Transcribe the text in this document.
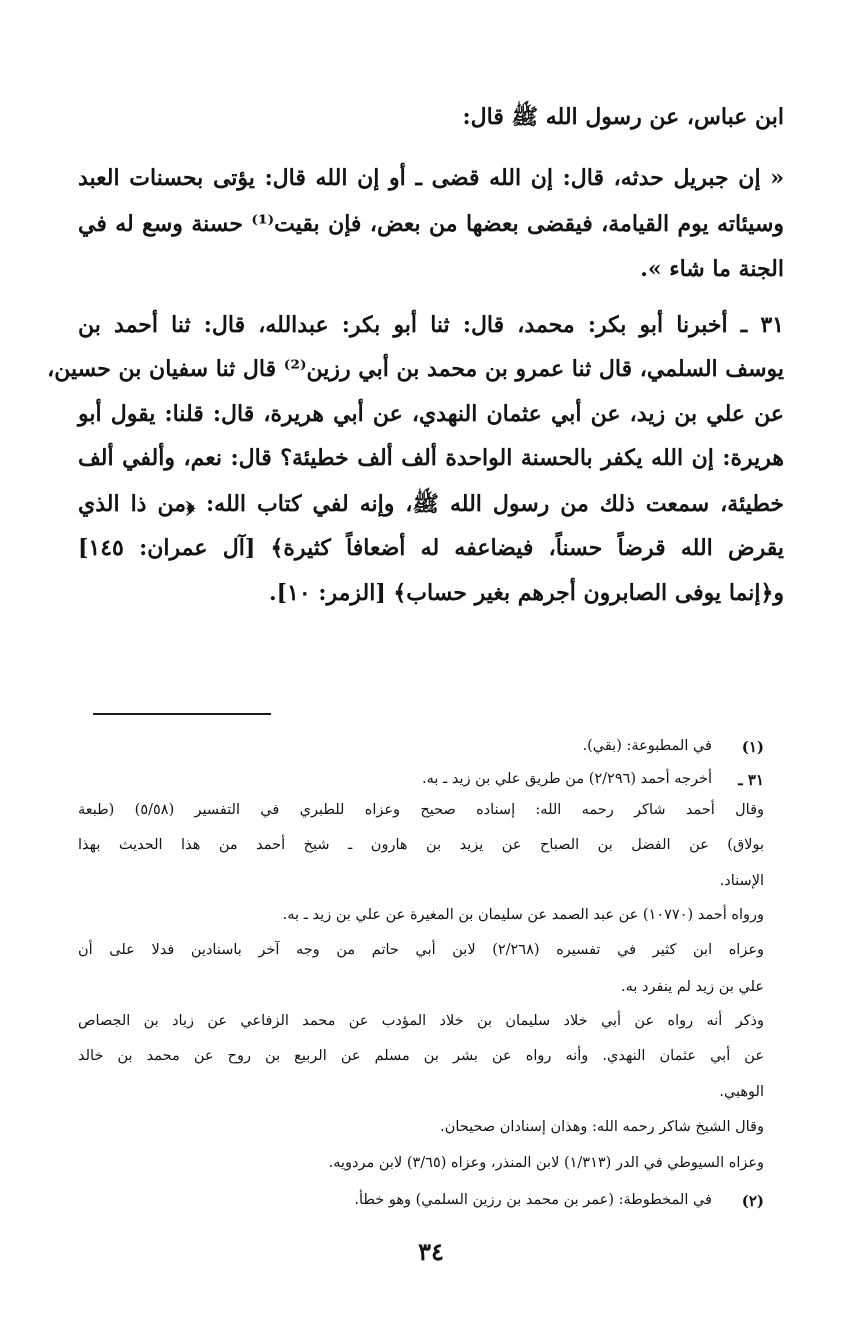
ابن عباس، عن رسول الله ﷺ قال:
« إن جبريل حدثه، قال: إن الله قضى ـ أو إن الله قال: يؤتى بحسنات العبد
وسيئاته يوم القيامة، فيقضى بعضها من بعض، فإن بقيت⁽¹⁾ حسنة وسع له في
الجنة ما شاء ».
٣١ ـ أخبرنا أبو بكر: محمد، قال: ثنا أبو بكر: عبدالله، قال: ثنا أحمد بن
يوسف السلمي، قال ثنا عمرو بن محمد بن أبي رزين⁽²⁾ قال ثنا سفيان بن حسين،
عن علي بن زيد، عن أبي عثمان النهدي، عن أبي هريرة، قال: قلنا: يقول أبو
هريرة: إن الله يكفر بالحسنة الواحدة ألف ألف خطيئة؟ قال: نعم، وألفي ألف
خطيئة، سمعت ذلك من رسول الله ﷺ، وإنه لفي كتاب الله: ﴿من ذا الذي
يقرض الله قرضاً حسناً، فيضاعفه له أضعافاً كثيرة﴾ [آل عمران: ١٤٥]
و﴿إنما يوفى الصابرون أجرهم بغير حساب﴾ [الزمر: ١٠].
(١)
في المطبوعة: (بقي).
٣١ ـ
أخرجه أحمد (٢/٢٩٦) من طريق علي بن زيد ـ به.
وقال أحمد شاكر رحمه الله: إسناده صحيح وعزاه للطبري في التفسير (٥/٥٨) (طبعة
بولاق) عن الفضل بن الصباح عن يزيد بن هارون ـ شيخ أحمد من هذا الحديث بهذا
الإسناد.
ورواه أحمد (١٠٧٧٠) عن عبد الصمد عن سليمان بن المغيرة عن علي بن زيد ـ به.
وعزاه ابن كثير في تفسيره (٢/٢٦٨) لابن أبي حاتم من وجه آخر باسنادين فدلا على أن
علي بن زيد لم ينفرد به.
وذكر أنه رواه عن أبي خلاد سليمان بن خلاد المؤدب عن محمد الزفاعي عن زياد بن الجصاص
عن أبي عثمان النهدي. وأنه رواه عن بشر بن مسلم عن الربيع بن روح عن محمد بن خالد
الوهبي.
وقال الشيخ شاكر رحمه الله: وهذان إسنادان صحيحان.
وعزاه السيوطي في الدر (١/٣١٣) لابن المنذر، وعزاه (٣/٦٥) لابن مردويه.
(٢)
في المخطوطة: (عمر بن محمد بن رزين السلمي) وهو خطأ.
٣٤
